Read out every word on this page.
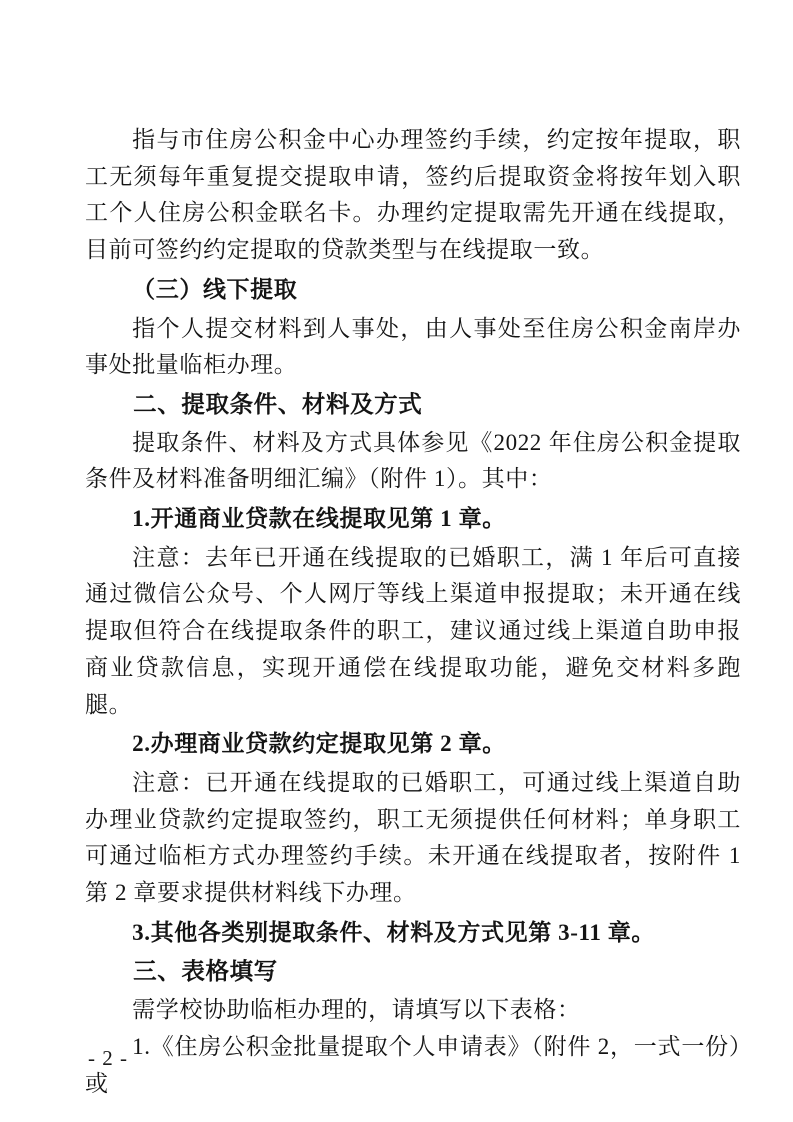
指与市住房公积金中心办理签约手续，约定按年提取，职工无须每年重复提交提取申请，签约后提取资金将按年划入职工个人住房公积金联名卡。办理约定提取需先开通在线提取，目前可签约约定提取的贷款类型与在线提取一致。

（三）线下提取

指个人提交材料到人事处，由人事处至住房公积金南岸办事处批量临柜办理。

二、提取条件、材料及方式

提取条件、材料及方式具体参见《2022 年住房公积金提取条件及材料准备明细汇编》（附件 1）。其中：

1.开通商业贷款在线提取见第 1 章。

注意：去年已开通在线提取的已婚职工，满 1 年后可直接通过微信公众号、个人网厅等线上渠道申报提取；未开通在线提取但符合在线提取条件的职工，建议通过线上渠道自助申报商业贷款信息，实现开通偿在线提取功能，避免交材料多跑腿。

2.办理商业贷款约定提取见第 2 章。

注意：已开通在线提取的已婚职工，可通过线上渠道自助办理业贷款约定提取签约，职工无须提供任何材料；单身职工可通过临柜方式办理签约手续。未开通在线提取者，按附件 1 第 2 章要求提供材料线下办理。

3.其他各类别提取条件、材料及方式见第 3-11 章。

三、表格填写

需学校协助临柜办理的，请填写以下表格：

1.《住房公积金批量提取个人申请表》（附件 2，一式一份）或

- 2 -
